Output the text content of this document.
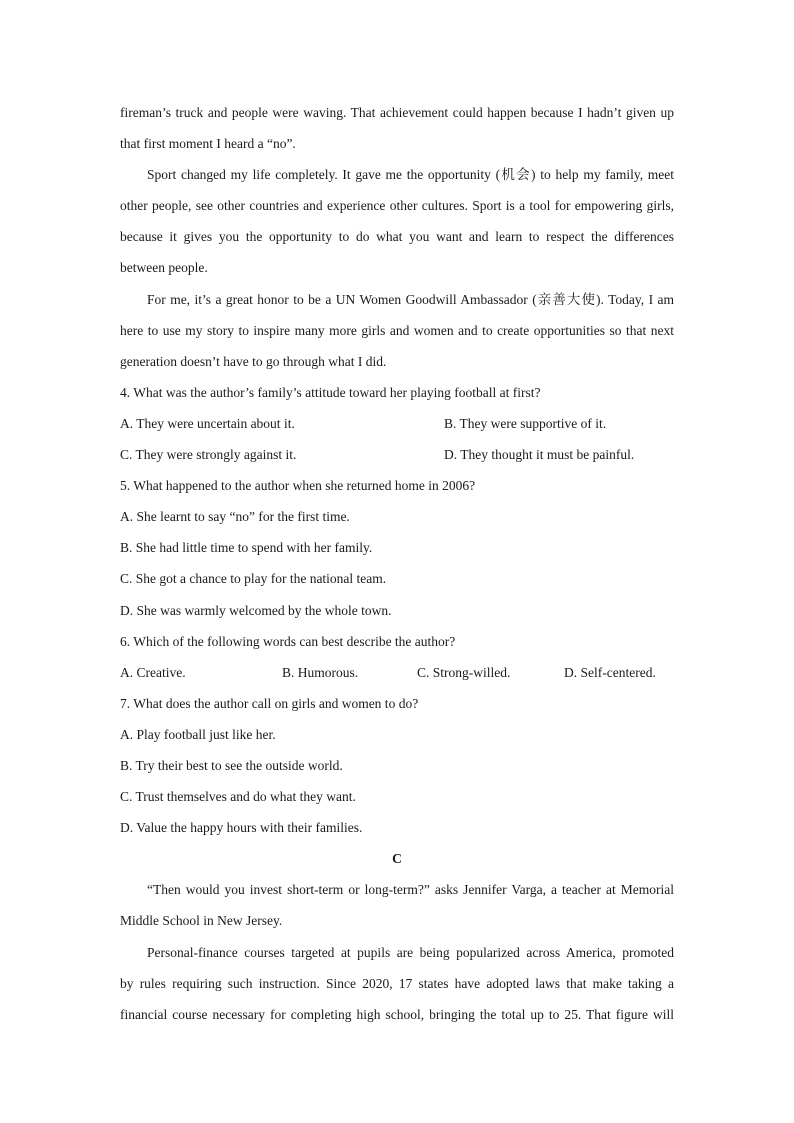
fireman’s truck and people were waving. That achievement could happen because I hadn’t given up
that first moment I heard a “no”.
Sport changed my life completely. It gave me the opportunity (机会) to help my family, meet
other people, see other countries and experience other cultures. Sport is a tool for empowering girls,
because it gives you the opportunity to do what you want and learn to respect the differences
between people.
For me, it’s a great honor to be a UN Women Goodwill Ambassador (亲善大使). Today, I am
here to use my story to inspire many more girls and women and to create opportunities so that next
generation doesn’t have to go through what I did.
4. What was the author’s family’s attitude toward her playing football at first?
A. They were uncertain about it.	B. They were supportive of it.
C. They were strongly against it.	D. They thought it must be painful.
5. What happened to the author when she returned home in 2006?
A. She learnt to say “no” for the first time.
B. She had little time to spend with her family.
C. She got a chance to play for the national team.
D. She was warmly welcomed by the whole town.
6. Which of the following words can best describe the author?
A. Creative.	B. Humorous.	C. Strong-willed.	D. Self-centered.
7. What does the author call on girls and women to do?
A. Play football just like her.
B. Try their best to see the outside world.
C. Trust themselves and do what they want.
D. Value the happy hours with their families.
C
“Then would you invest short-term or long-term?” asks Jennifer Varga, a teacher at Memorial
Middle School in New Jersey.
Personal-finance courses targeted at pupils are being popularized across America, promoted
by rules requiring such instruction. Since 2020, 17 states have adopted laws that make taking a
financial course necessary for completing high school, bringing the total up to 25. That figure will
